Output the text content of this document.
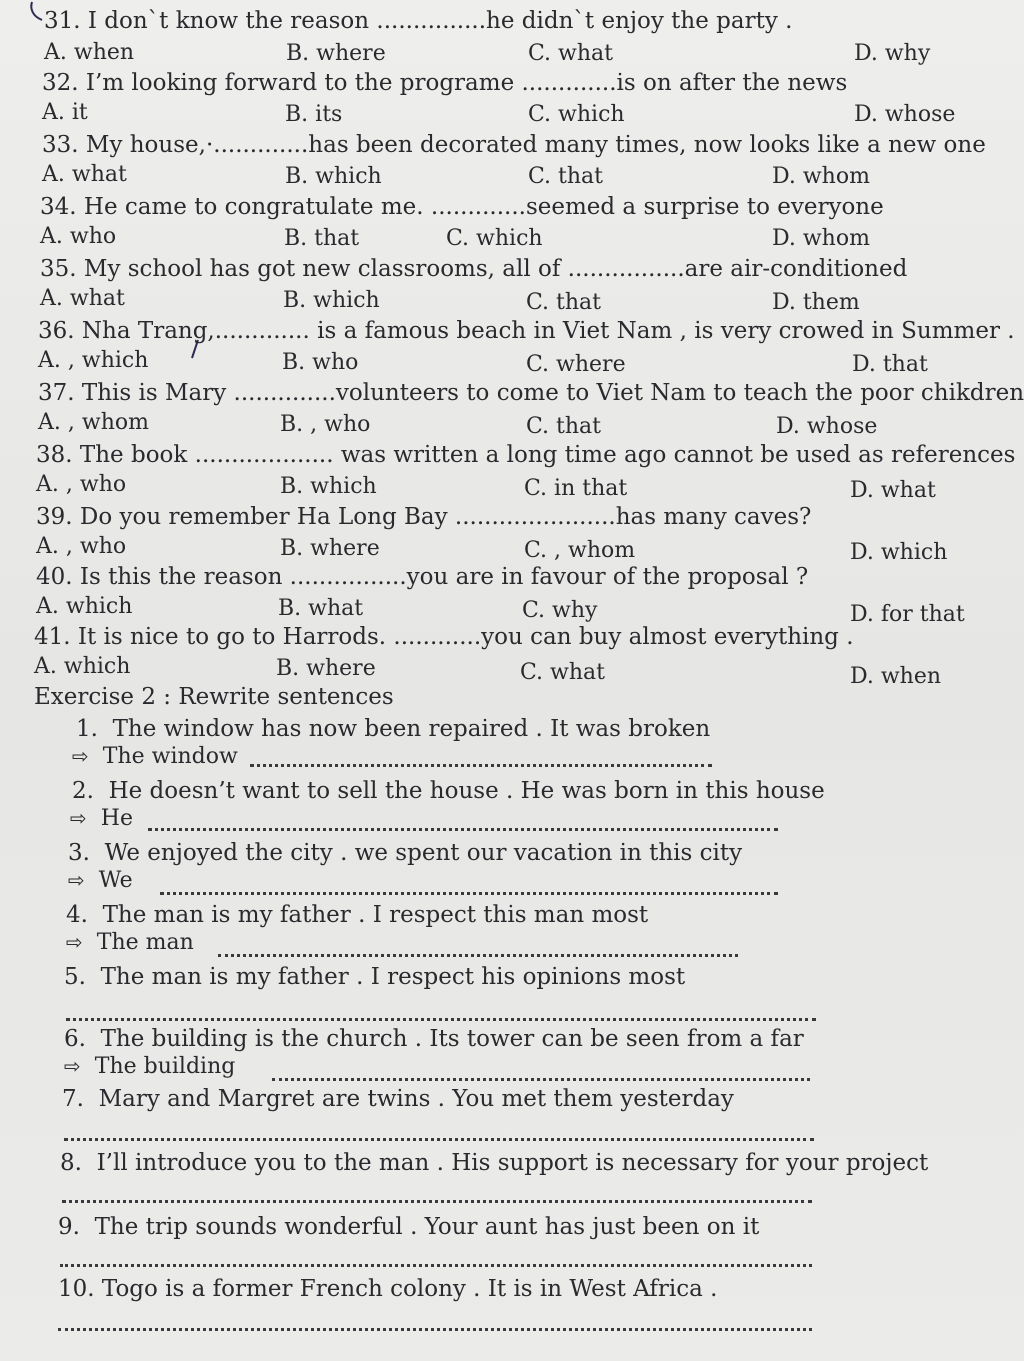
31. I don`t know the reason ...............he didn`t enjoy the party .
A. when	B. where	C. what	D. why
32. I’m looking forward to the programe .............is on after the news
A. it	B. its	C. which	D. whose
33. My house,·.............has been decorated many times, now looks like a new one
A. what	B. which	C. that	D. whom
34. He came to congratulate me. .............seemed a surprise to everyone
A. who	B. that	C. which	D. whom
35. My school has got new classrooms, all of ................are air-conditioned
A. what	B. which	C. that	D. them
36. Nha Trang,............. is a famous beach in Viet Nam , is very crowed in Summer .
A. , which	B. who	C. where	D. that
37. This is Mary ..............volunteers to come to Viet Nam to teach the poor chikdren
A. , whom	B. , who	C. that	D. whose
38. The book ................... was written a long time ago cannot be used as references
A. , who	B. which	C. in that	D. what
39. Do you remember Ha Long Bay ......................has many caves?
A. , who	B. where	C. , whom	D. which
40. Is this the reason ................you are in favour of the proposal ?
A. which	B. what	C. why	D. for that
41. It is nice to go to Harrods. ............you can buy almost everything .
A. which	B. where	C. what	D. when
Exercise 2 : Rewrite sentences
1. The window has now been repaired . It was broken
⇨ The window
2. He doesn’t want to sell the house . He was born in this house
⇨ He
3. We enjoyed the city . we spent our vacation in this city
⇨ We
4. The man is my father . I respect this man most
⇨ The man
5. The man is my father . I respect his opinions most
6. The building is the church . Its tower can be seen from a far
⇨ The building
7. Mary and Margret are twins . You met them yesterday
8. I’ll introduce you to the man . His support is necessary for your project
9. The trip sounds wonderful . Your aunt has just been on it
10. Togo is a former French colony . It is in West Africa .
